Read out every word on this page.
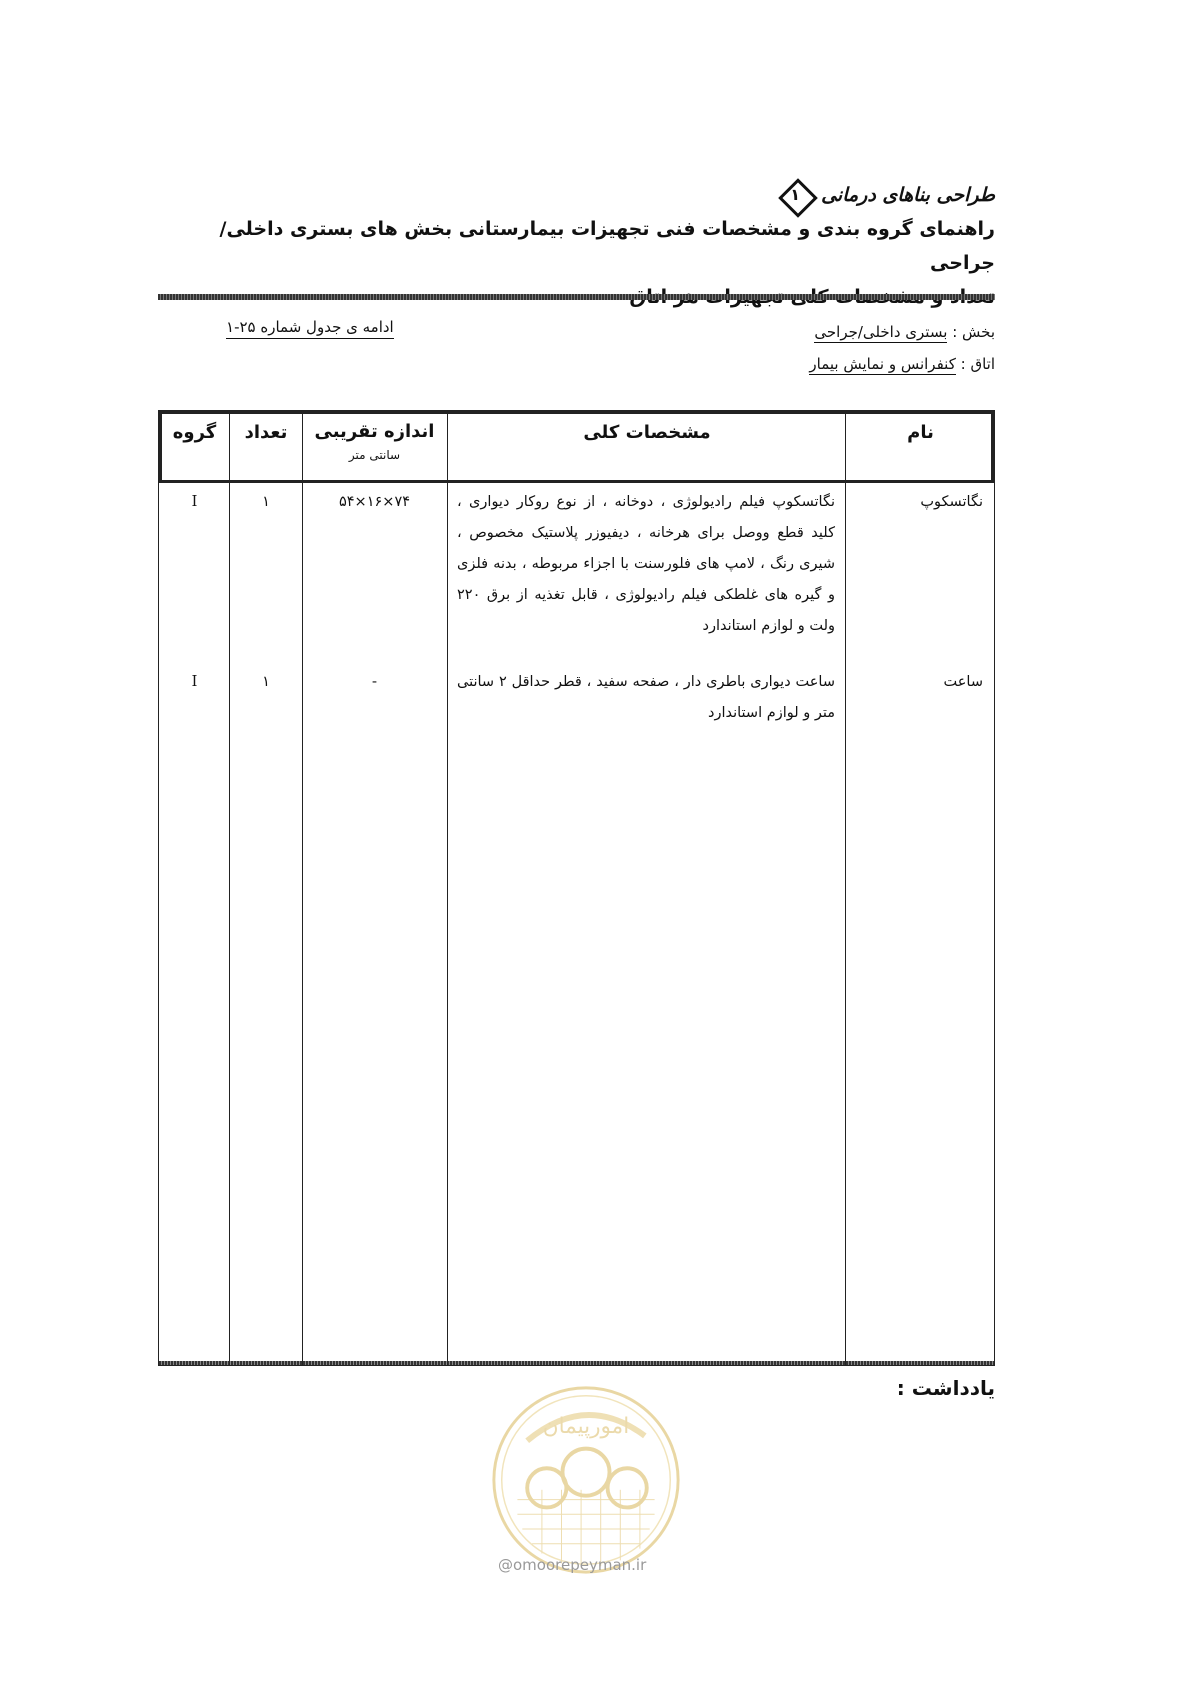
طراحی بناهای درمانی
۱
راهنمای گروه بندی و مشخصات فنی تجهیزات بیمارستانی بخش های بستری داخلی/جراحی
بخش : بستری داخلی/جراحی
اتاق : کنفرانس و نمایش بیمار
ادامه ی جدول شماره ۲۵-۱
نام
مشخصات کلی
اندازه تقریبی
سانتی متر
تعداد
گروه
نگاتسکوپ
نگاتسکوپ فیلم رادیولوژی ، دوخانه ، از نوع روکار دیواری ، کلید قطع ووصل برای هرخانه ، دیفیوزر پلاستیک مخصوص ، شیری رنگ ، لامپ های فلورسنت با اجزاء مربوطه ، بدنه فلزی و گیره های غلطکی فیلم رادیولوژی ، قابل تغذیه از برق ۲۲۰ ولت و لوازم استاندارد
۷۴×۱۶×۵۴
۱
I
ساعت
ساعت دیواری باطری دار ، صفحه سفید ، قطر حداقل ۲ سانتی متر و لوازم استاندارد
-
۱
I
یادداشت :
امورپیمان
@omoorepeyman.ir
